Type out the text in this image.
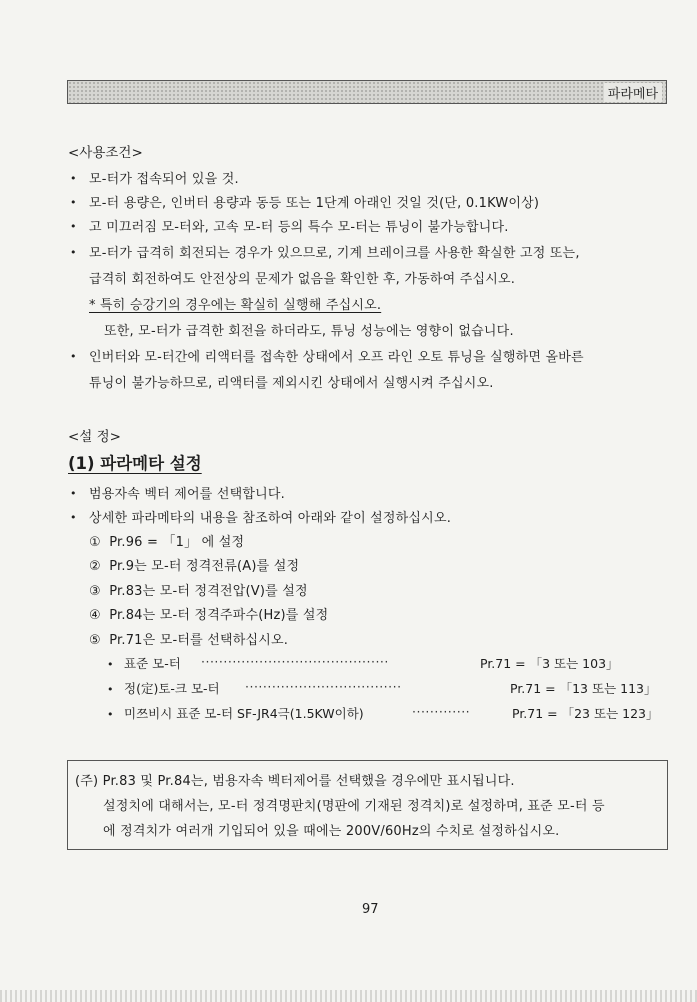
파라메타
<사용조건>
• 모-터가 접속되어 있을 것.
• 모-터 용량은, 인버터 용량과 동등 또는 1단계 아래인 것일 것(단, 0.1KW이상)
• 고 미끄러짐 모-터와, 고속 모-터 등의 특수 모-터는 튜닝이 불가능합니다.
• 모-터가 급격히 회전되는 경우가 있으므로, 기계 브레이크를 사용한 확실한 고정 또는,
급격히 회전하여도 안전상의 문제가 없음을 확인한 후, 가동하여 주십시오.
* 특히 승강기의 경우에는 확실히 실행해 주십시오.
또한, 모-터가 급격한 회전을 하더라도, 튜닝 성능에는 영향이 없습니다.
• 인버터와 모-터간에 리액터를 접속한 상태에서 오프 라인 오토 튜닝을 실행하면 올바른
튜닝이 불가능하므로, 리액터를 제외시킨 상태에서 실행시켜 주십시오.
<설 정>
(1) 파라메타 설정
• 범용자속 벡터 제어를 선택합니다.
• 상세한 파라메타의 내용을 참조하여 아래와 같이 설정하십시오.
① Pr.96 = 「1」 에 설정
② Pr.9는 모-터 정격전류(A)를 설정
③ Pr.83는 모-터 정격전압(V)를 설정
④ Pr.84는 모-터 정격주파수(Hz)를 설정
⑤ Pr.71은 모-터를 선택하십시오.
• 표준 모-터 ··········································	Pr.71 = 「3 또는 103」
• 정(定)토-크 모-터 ···································	Pr.71 = 「13 또는 113」
• 미쯔비시 표준 모-터 SF-JR4극(1.5KW이하)	·············	Pr.71 = 「23 또는 123」
(주) Pr.83 및 Pr.84는, 범용자속 벡터제어를 선택했을 경우에만 표시됩니다.
설정치에 대해서는, 모-터 정격명판치(명판에 기재된 정격치)로 설정하며, 표준 모-터 등
에 정격치가 여러개 기입되어 있을 때에는 200V/60Hz의 수치로 설정하십시오.
97
